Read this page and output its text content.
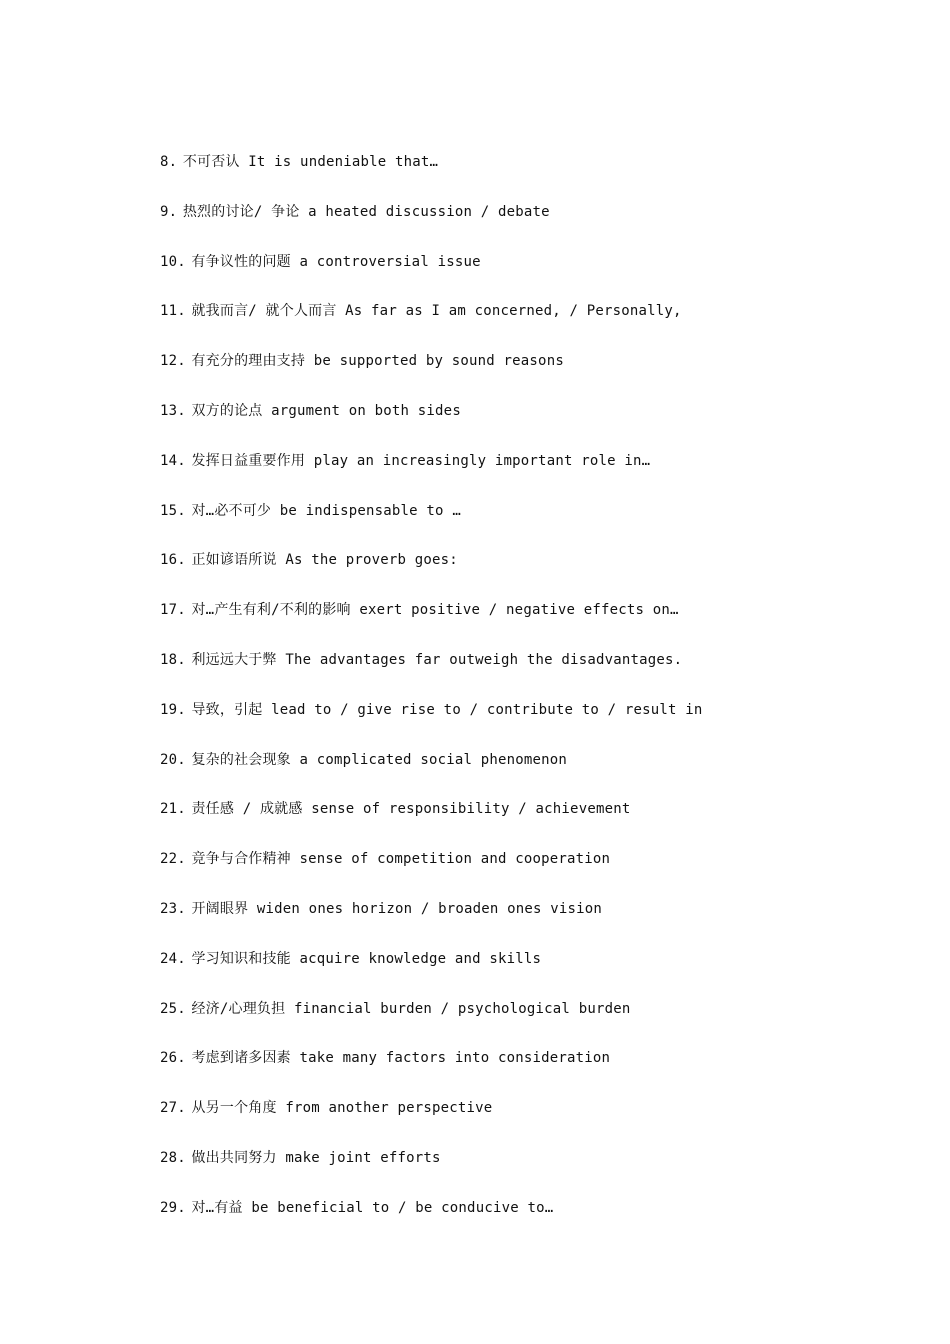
8. 不可否认 It is undeniable that…
9. 热烈的讨论/ 争论 a heated discussion / debate
10. 有争议性的问题 a controversial issue
11. 就我而言/ 就个人而言 As far as I am concerned, / Personally,
12. 有充分的理由支持 be supported by sound reasons
13. 双方的论点 argument on both sides
14. 发挥日益重要作用 play an increasingly important role in…
15. 对…必不可少 be indispensable to …
16. 正如谚语所说 As the proverb goes:
17. 对…产生有利/不利的影响 exert positive / negative effects on…
18. 利远远大于弊 The advantages far outweigh the disadvantages.
19. 导致，引起 lead to / give rise to / contribute to / result in
20. 复杂的社会现象 a complicated social phenomenon
21. 责任感 / 成就感 sense of responsibility / achievement
22. 竞争与合作精神 sense of competition and cooperation
23. 开阔眼界 widen ones horizon / broaden ones vision
24. 学习知识和技能 acquire knowledge and skills
25. 经济/心理负担 financial burden / psychological burden
26. 考虑到诸多因素 take many factors into consideration
27. 从另一个角度 from another perspective
28. 做出共同努力 make joint efforts
29. 对…有益 be beneficial to / be conducive to…
